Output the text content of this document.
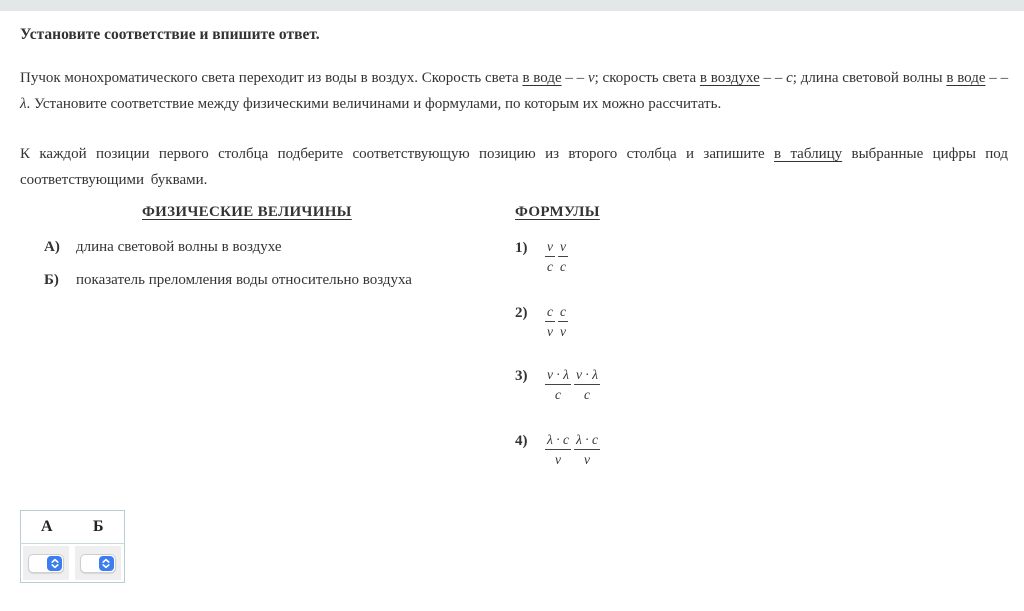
Установите соответствие и впишите ответ.

Пучок монохроматического света переходит из воды в воздух. Скорость света в воде – – v; скорость света в воздухе – – c; длина световой волны в воде – – λ. Установите соответствие между физическими величинами и формулами, по которым их можно рассчитать.

К каждой позиции первого столбца подберите соответствующую позицию из второго столбца и запишите в таблицу выбранные цифры под соответствующими буквами.

ФИЗИЧЕСКИЕ ВЕЛИЧИНЫ	ФОРМУЛЫ
А) длина световой волны в воздухе
Б) показатель преломления воды относительно воздуха
1)	$\frac{v}{c} \frac{v}{c}$
2)	$\frac{c}{v} \frac{c}{v}$
3)	$\frac{v \cdot \lambda}{c} \frac{v \cdot \lambda}{c}$
4)	$\frac{\lambda \cdot c}{v} \frac{\lambda \cdot c}{v}$
А	Б
